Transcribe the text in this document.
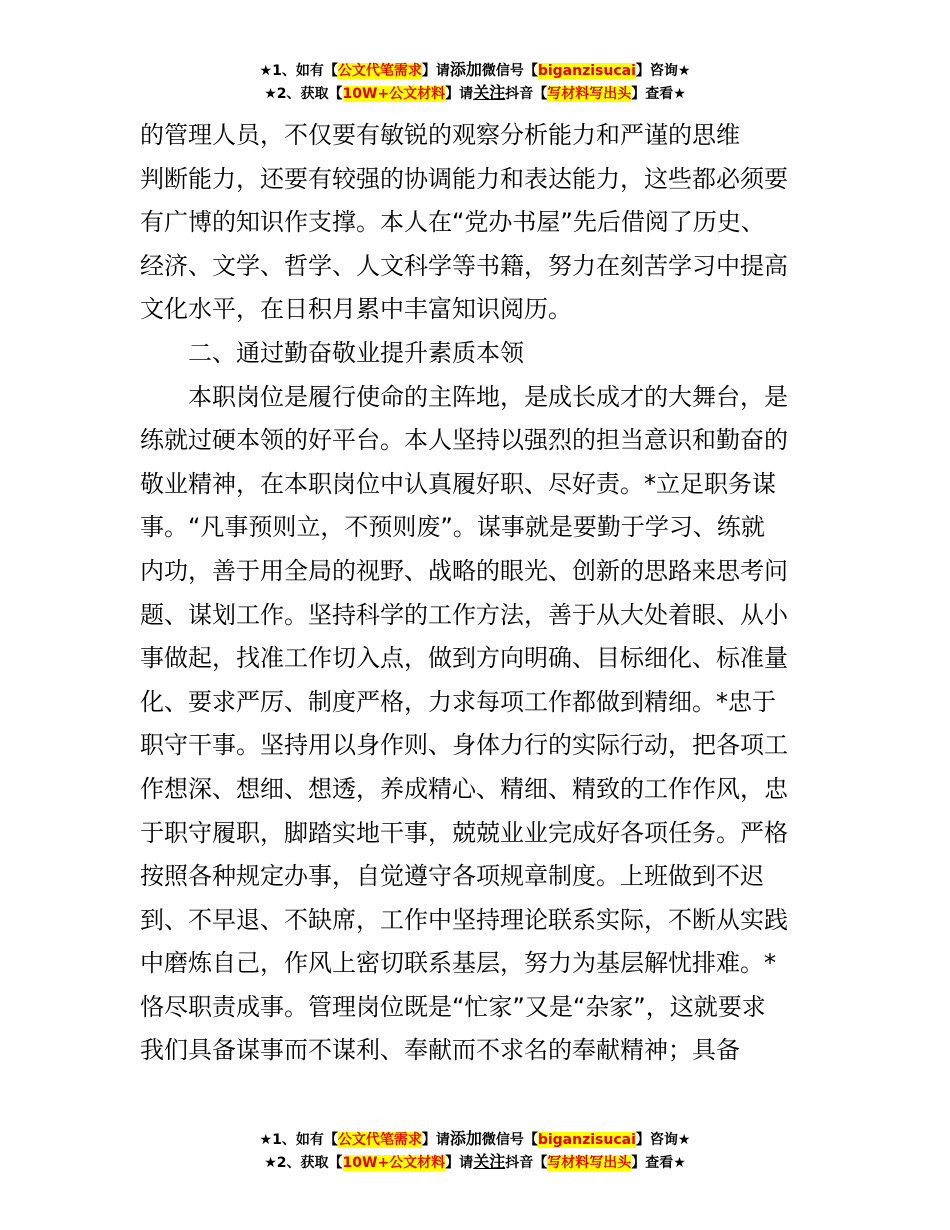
★1、如有【公文代笔需求】请添加微信号【biganzisucai】咨询★
★2、获取【10W+公文材料】请关注抖音【写材料写出头】查看★
的管理人员，不仅要有敏锐的观察分析能力和严谨的思维
判断能力，还要有较强的协调能力和表达能力，这些都必须要
有广博的知识作支撑。本人在“党办书屋”先后借阅了历史、
经济、文学、哲学、人文科学等书籍，努力在刻苦学习中提高
文化水平，在日积月累中丰富知识阅历。
二、通过勤奋敬业提升素质本领
本职岗位是履行使命的主阵地，是成长成才的大舞台，是
练就过硬本领的好平台。本人坚持以强烈的担当意识和勤奋的
敬业精神，在本职岗位中认真履好职、尽好责。*立足职务谋
事。“凡事预则立，不预则废”。谋事就是要勤于学习、练就
内功，善于用全局的视野、战略的眼光、创新的思路来思考问
题、谋划工作。坚持科学的工作方法，善于从大处着眼、从小
事做起，找准工作切入点，做到方向明确、目标细化、标准量
化、要求严厉、制度严格，力求每项工作都做到精细。*忠于
职守干事。坚持用以身作则、身体力行的实际行动，把各项工
作想深、想细、想透，养成精心、精细、精致的工作作风，忠
于职守履职，脚踏实地干事，兢兢业业完成好各项任务。严格
按照各种规定办事，自觉遵守各项规章制度。上班做到不迟
到、不早退、不缺席，工作中坚持理论联系实际，不断从实践
中磨炼自己，作风上密切联系基层，努力为基层解忧排难。*
恪尽职责成事。管理岗位既是“忙家”又是“杂家”，这就要求
我们具备谋事而不谋利、奉献而不求名的奉献精神；具备
★1、如有【公文代笔需求】请添加微信号【biganzisucai】咨询★
★2、获取【10W+公文材料】请关注抖音【写材料写出头】查看★
